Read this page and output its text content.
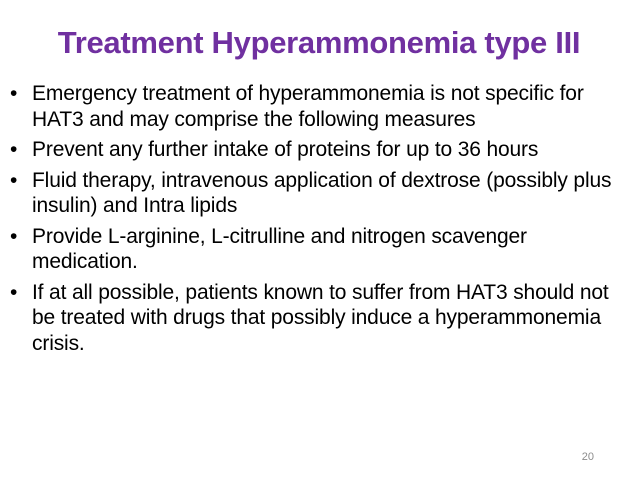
Treatment Hyperammonemia type III
• Emergency treatment of hyperammonemia is not specific for HAT3 and may comprise the following measures
• Prevent any further intake of proteins for up to 36 hours
• Fluid therapy, intravenous application of dextrose (possibly plus insulin) and Intra lipids
• Provide L-arginine, L-citrulline and nitrogen scavenger medication.
• If at all possible, patients known to suffer from HAT3 should not be treated with drugs that possibly induce a hyperammonemia crisis.
20
